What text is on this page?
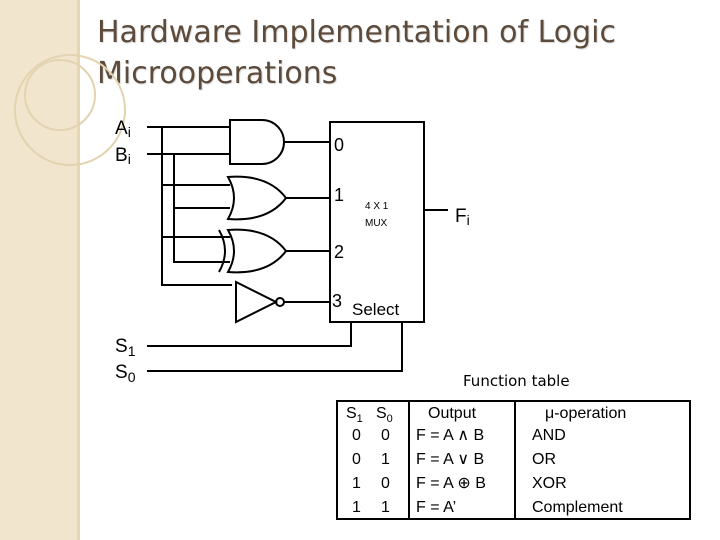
Hardware Implementation of Logic
Microoperations
Ai
Bi
0
1
2
3 Select
4 X 1
MUX	Fi
$S_1$
$S_0$	Function table
$S_1$ $S_0$ Output	μ-operation
0 0 F = A ∧ B	AND
0 1 F = A ∨ B	OR
1 0 F = A ⊕ B	XOR
1 1 F = A’	Complement
